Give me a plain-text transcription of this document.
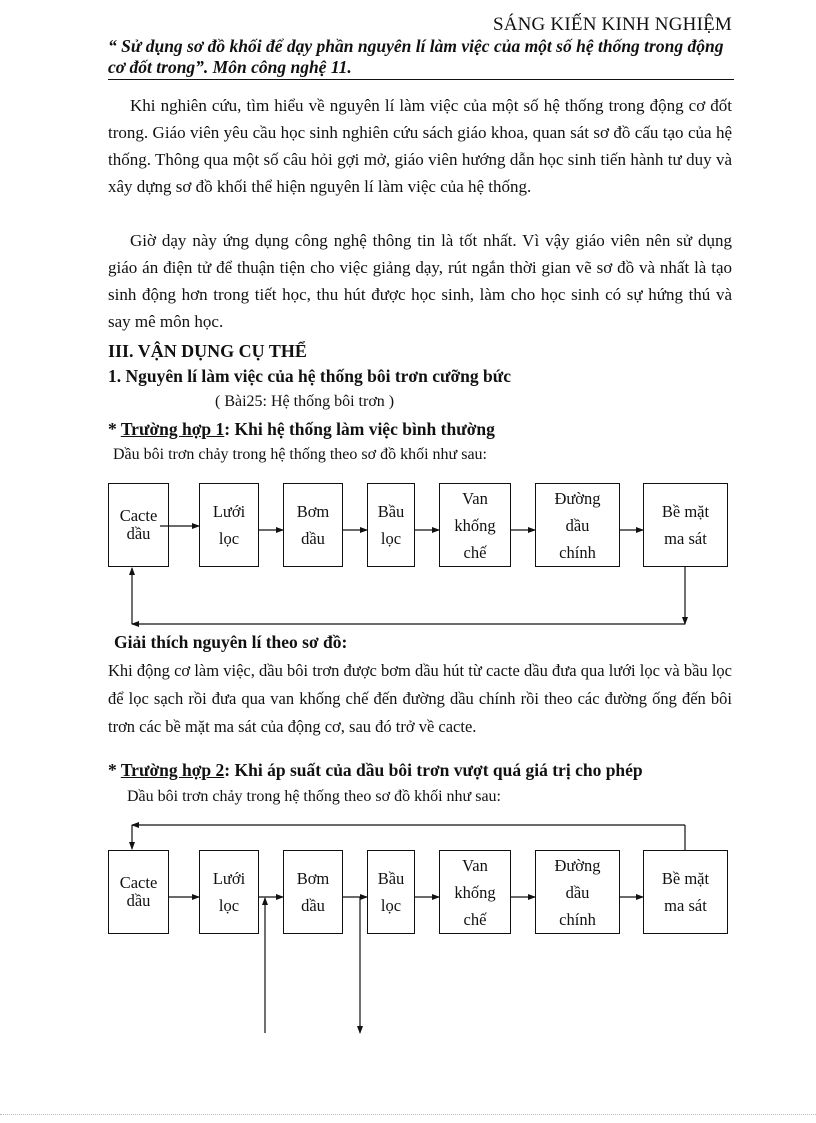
SÁNG KIẾN KINH NGHIỆM
“ Sử dụng sơ đồ khối để dạy phần nguyên lí làm việc của một số hệ thống trong động cơ đốt trong”. Môn công nghệ 11.
Khi nghiên cứu, tìm hiểu về nguyên lí làm việc của một số hệ thống trong động cơ đốt trong. Giáo viên yêu cầu học sinh nghiên cứu sách giáo khoa, quan sát sơ đồ cấu tạo của hệ thống. Thông qua một số câu hỏi gợi mở, giáo viên hướng dẫn học sinh tiến hành tư duy và xây dựng sơ đồ khối thể hiện nguyên lí làm việc của hệ thống.
Giờ dạy này ứng dụng công nghệ thông tin là tốt nhất. Vì vậy giáo viên nên sử dụng giáo án điện tử để thuận tiện cho việc giảng dạy, rút ngắn thời gian vẽ sơ đồ và nhất là tạo sinh động hơn trong tiết học, thu hút được học sinh, làm cho học sinh có sự hứng thú và say mê môn học.
III. VẬN DỤNG CỤ THỂ
1. Nguyên lí làm việc của hệ thống bôi trơn cưỡng bức
( Bài25: Hệ thống bôi trơn )
* Trường hợp 1: Khi hệ thống làm việc bình thường
Dầu bôi trơn chảy trong hệ thống theo sơ đồ khối như sau:
Cacte
dầu
Lưới
lọc
Bơm
dầu
Bầu
lọc
Van
khống
chế
Đường
dầu
chính
Bề mặt
ma sát
Giải thích nguyên lí theo sơ đồ:
Khi động cơ làm việc, dầu bôi trơn được bơm dầu hút từ cacte dầu đưa qua lưới lọc và bầu lọc để lọc sạch rồi đưa qua van khống chế đến đường dầu chính rồi theo các đường ống đến bôi trơn các bề mặt ma sát của động cơ, sau đó trở về cacte.
* Trường hợp 2: Khi áp suất của dầu bôi trơn vượt quá giá trị cho phép
Dầu bôi trơn chảy trong hệ thống theo sơ đồ khối như sau:
Cacte
dầu
Lưới
lọc
Bơm
dầu
Bầu
lọc
Van
khống
chế
Đường
dầu
chính
Bề mặt
ma sát
